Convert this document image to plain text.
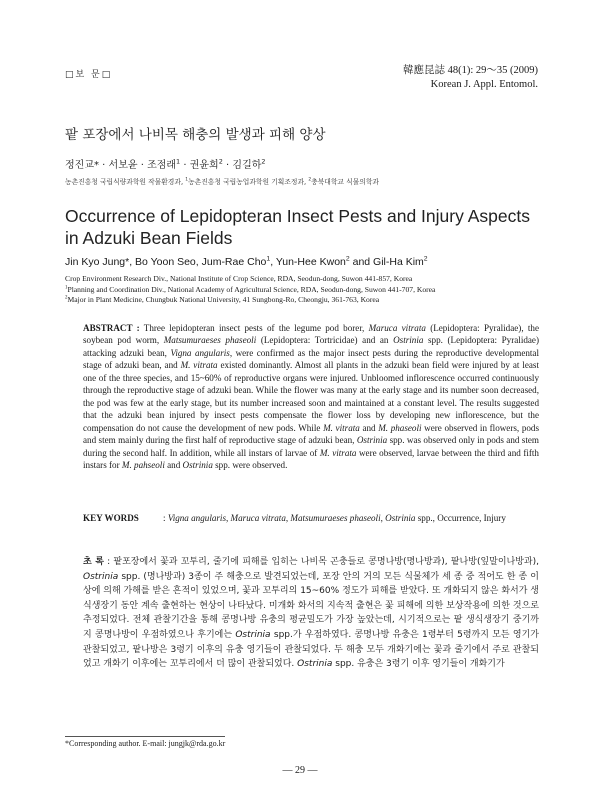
□보 문□	韓應昆誌 48(1): 29～35 (2009)
Korean J. Appl. Entomol.
팥 포장에서 나비목 해충의 발생과 피해 양상
정진교* · 서보윤 · 조점래$^1$ · 권윤희$^2$ · 김길하$^2$
농촌진흥청 국립식량과학원 작물환경과, $^1$농촌진흥청 국립농업과학원 기획조정과, $^2$충북대학교 식물의학과
Occurrence of Lepidopteran Insect Pests and Injury Aspects in Adzuki Bean Fields
Jin Kyo Jung*, Bo Yoon Seo, Jum-Rae Cho$^1$, Yun-Hee Kwon$^2$ and Gil-Ha Kim$^2$
Crop Environment Research Div., National Institute of Crop Science, RDA, Seodun-dong, Suwon 441-857, Korea
$^1$Planning and Coordination Div., National Academy of Agricultural Science, RDA, Seodun-dong, Suwon 441-707, Korea
$^2$Major in Plant Medicine, Chungbuk National University, 41 Sungbong-Ro, Cheongju, 361-763, Korea
ABSTRACT : Three lepidopteran insect pests of the legume pod borer, Maruca vitrata (Lepidoptera: Pyralidae), the soybean pod worm, Matsumuraeses phaseoli (Lepidoptera: Tortricidae) and an Ostrinia spp. (Lepidoptera: Pyralidae) attacking adzuki bean, Vigna angularis, were confirmed as the major insect pests during the reproductive developmental stage of adzuki bean, and M. vitrata existed dominantly. Almost all plants in the adzuki bean field were injured by at least one of the three species, and 15~60% of reproductive organs were injured. Unbloomed inflorescence occurred continuously through the reproductive stage of adzuki bean. While the flower was many at the early stage and its number soon decreased, the pod was few at the early stage, but its number increased soon and maintained at a constant level. The results suggested that the adzuki bean injured by insect pests compensate the flower loss by developing new inflorescence, but the compensation do not cause the development of new pods. While M. vitrata and M. phaseoli were observed in flowers, pods and stem mainly during the first half of reproductive stage of adzuki bean, Ostrinia spp. was observed only in pods and stem during the second half. In addition, while all instars of larvae of M. vitrata were observed, larvae between the third and fifth instars for M. pahseoli and Ostrinia spp. were observed.
KEY WORDS	: Vigna angularis, Maruca vitrata, Matsumuraeses phaseoli, Ostrinia spp., Occurrence, Injury
초 록 : 팥포장에서 꽃과 꼬투리, 줄기에 피해를 입히는 나비목 곤충들로 콩명나방(명나방과), 팥나방(잎말이나방과), Ostrinia spp. (명나방과) 3종이 주 해충으로 발견되었는데, 포장 안의 거의 모든 식물체가 세 종 중 적어도 한 종 이상에 의해 가해를 받은 흔적이 있었으며, 꽃과 꼬투리의 15~60% 정도가 피해를 받았다. 또 개화되지 않은 화서가 생식생장기 동안 계속 출현하는 현상이 나타났다. 미개화 화서의 지속적 출현은 꽃 피해에 의한 보상작용에 의한 것으로 추정되었다. 전체 관찰기간을 통해 콩명나방 유충의 평균밀도가 가장 높았는데, 시기적으로는 팥 생식생장기 중기까지 콩명나방이 우점하였으나 후기에는 Ostrinia spp.가 우점하였다. 콩명나방 유충은 1령부터 5령까지 모든 영기가 관찰되었고, 팥나방은 3령기 이후의 유충 영기들이 관찰되었다. 두 해충 모두 개화기에는 꽃과 줄기에서 주로 관찰되었고 개화기 이후에는 꼬투리에서 더 많이 관찰되었다. Ostrinia spp. 유충은 3령기 이후 영기들이 개화기가
*Corresponding author. E-mail: jungjk@rda.go.kr
— 29 —
